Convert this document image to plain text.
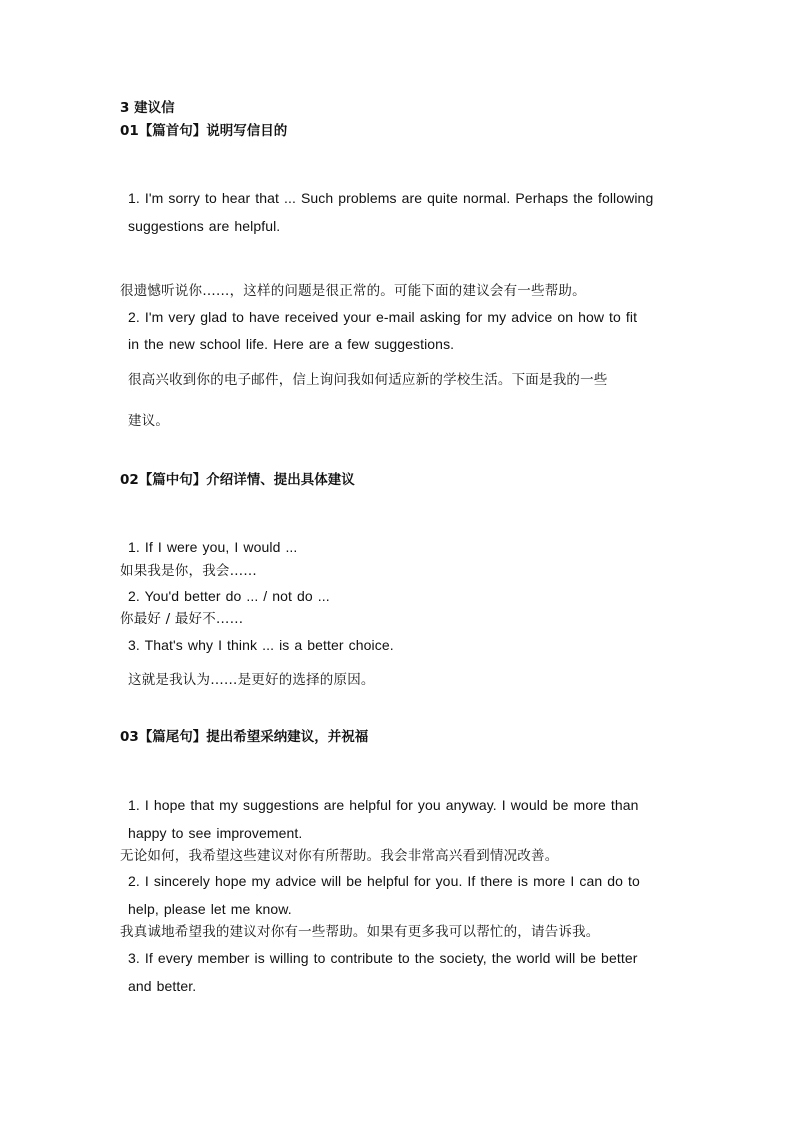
3 建议信
01【篇首句】说明写信目的
1. I'm sorry to hear that ... Such problems are quite normal. Perhaps the following
suggestions are helpful.
很遗憾听说你……，这样的问题是很正常的。可能下面的建议会有一些帮助。
2. I'm very glad to have received your e-mail asking for my advice on how to fit
in the new school life. Here are a few suggestions.
很高兴收到你的电子邮件，信上询问我如何适应新的学校生活。下面是我的一些
建议。
02【篇中句】介绍详情、提出具体建议
1. If I were you, I would ...
如果我是你，我会……
2. You'd better do ... / not do ...
你最好 / 最好不……
3. That's why I think ... is a better choice.
这就是我认为……是更好的选择的原因。
03【篇尾句】提出希望采纳建议，并祝福
1. I hope that my suggestions are helpful for you anyway. I would be more than
happy to see improvement.
无论如何，我希望这些建议对你有所帮助。我会非常高兴看到情况改善。
2. I sincerely hope my advice will be helpful for you. If there is more I can do to
help, please let me know.
我真诚地希望我的建议对你有一些帮助。如果有更多我可以帮忙的，请告诉我。
3. If every member is willing to contribute to the society, the world will be better
and better.
